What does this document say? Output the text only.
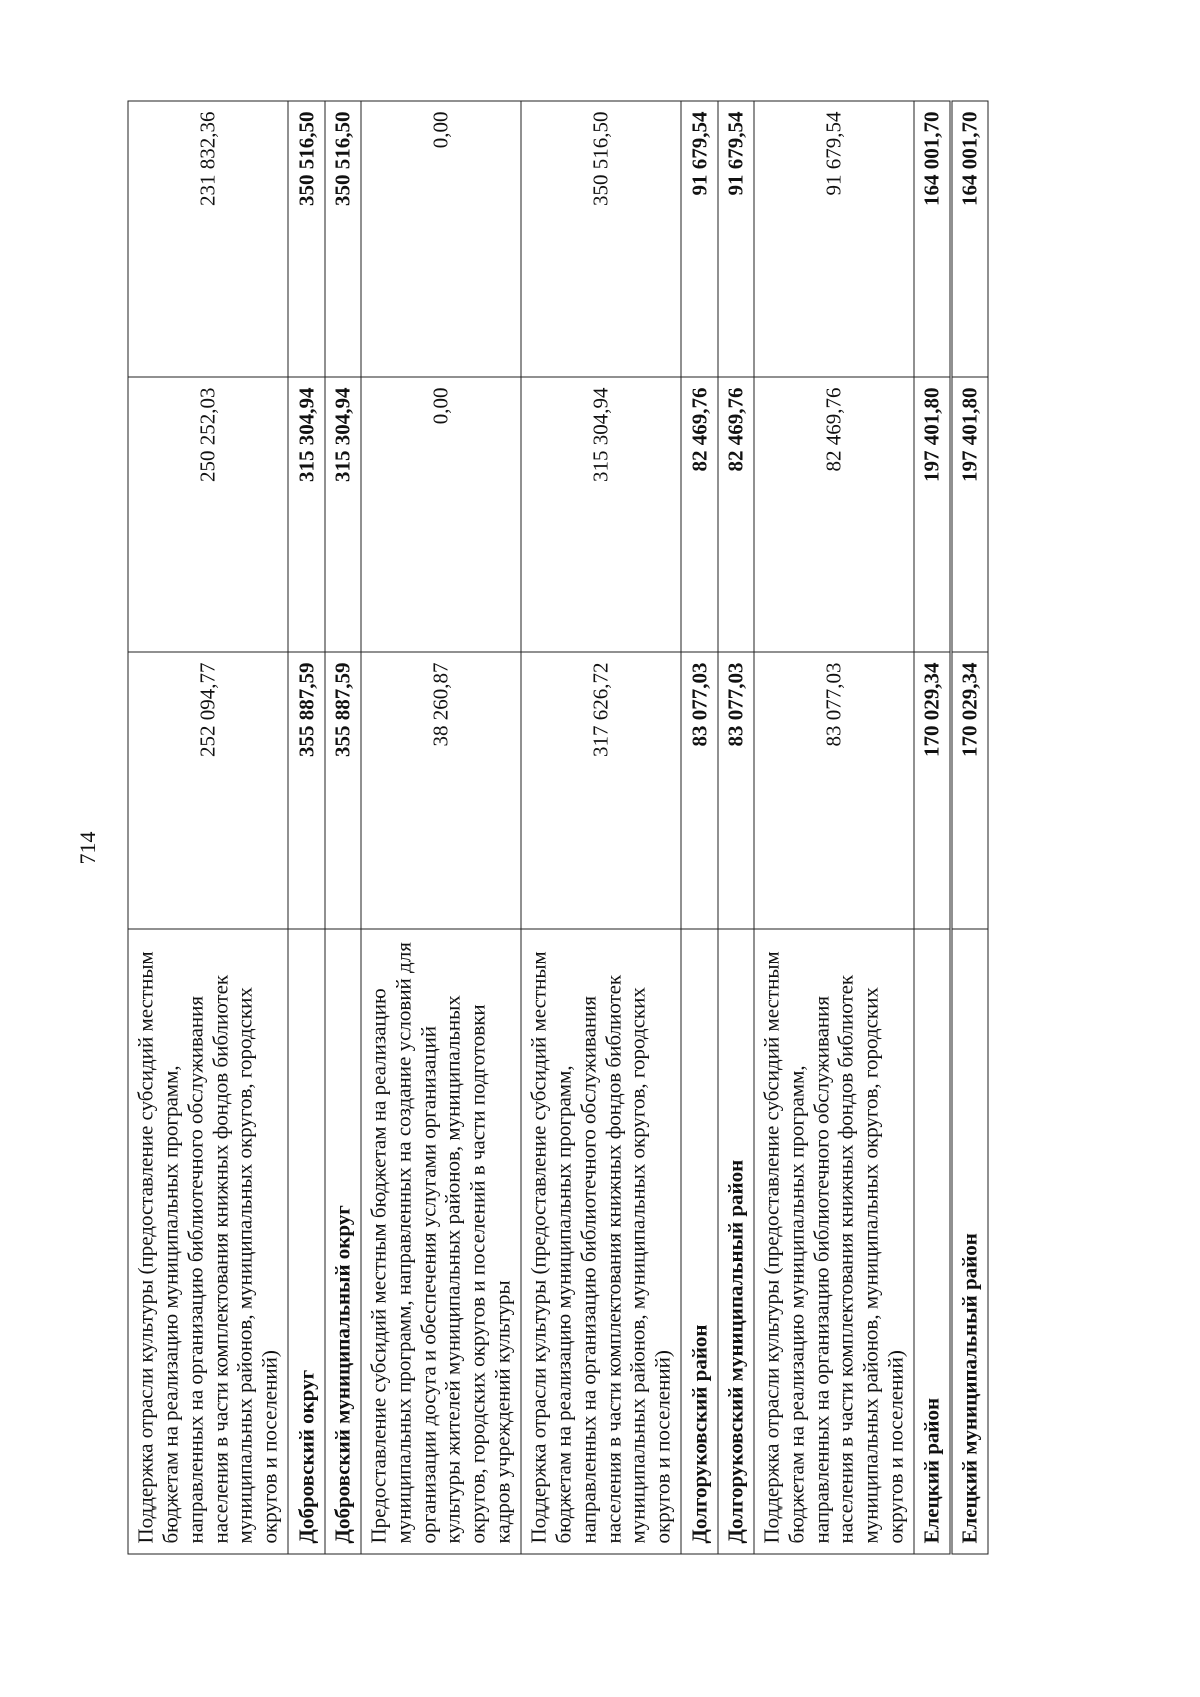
714
Поддержка отрасли культуры (предоставление субсидий местным бюджетам на реализацию муниципальных программ, направленных на организацию библиотечного обслуживания населения в части комплектования книжных фондов библиотек муниципальных районов, муниципальных округов, городских округов и поселений)	252 094,77	250 252,03	231 832,36
Добровский округ	355 887,59	315 304,94	350 516,50
Добровский муниципальный округ	355 887,59	315 304,94	350 516,50
Предоставление субсидий местным бюджетам на реализацию муниципальных программ, направленных на создание условий для организации досуга и обеспечения услугами организаций культуры жителей муниципальных районов, муниципальных округов, городских округов и поселений в части подготовки кадров учреждений культуры	38 260,87	0,00	0,00
Поддержка отрасли культуры (предоставление субсидий местным бюджетам на реализацию муниципальных программ, направленных на организацию библиотечного обслуживания населения в части комплектования книжных фондов библиотек муниципальных районов, муниципальных округов, городских округов и поселений)	317 626,72	315 304,94	350 516,50
Долгоруковский район	83 077,03	82 469,76	91 679,54
Долгоруковский муниципальный район	83 077,03	82 469,76	91 679,54
Поддержка отрасли культуры (предоставление субсидий местным бюджетам на реализацию муниципальных программ, направленных на организацию библиотечного обслуживания населения в части комплектования книжных фондов библиотек муниципальных районов, муниципальных округов, городских округов и поселений)	83 077,03	82 469,76	91 679,54
Елецкий район	170 029,34	197 401,80	164 001,70
Елецкий муниципальный район	170 029,34	197 401,80	164 001,70
